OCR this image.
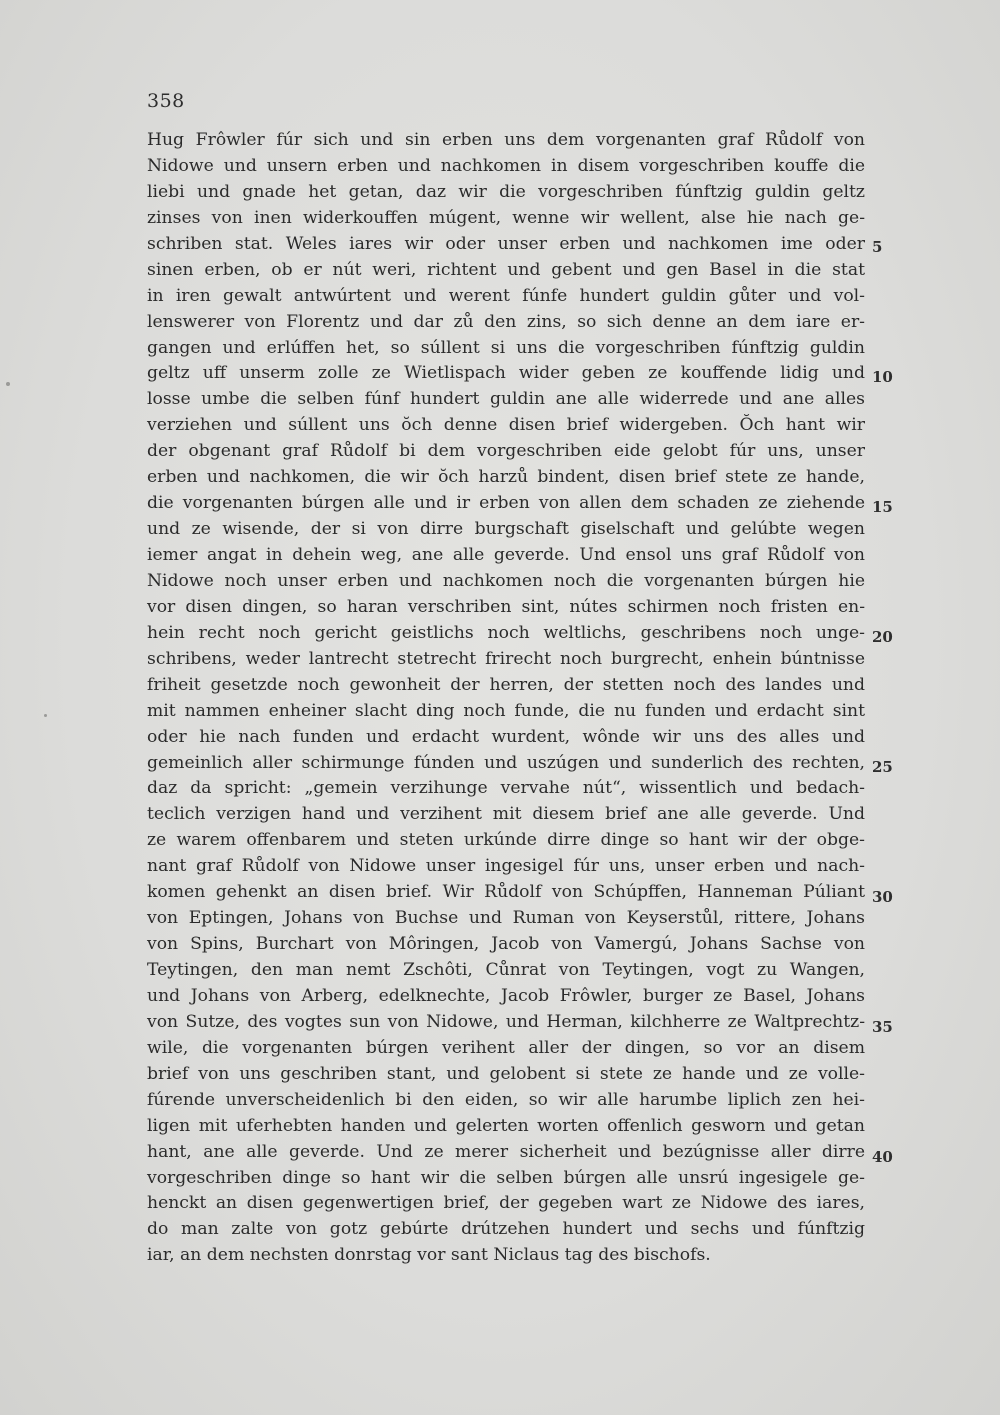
358
Hug Frôwler fúr sich und sin erben uns dem vorgenanten graf Růdolf von
Nidowe und unsern erben und nachkomen in disem vorgeschriben kouffe die
liebi und gnade het getan, daz wir die vorgeschriben fúnftzig guldin geltz
zinses von inen widerkouffen múgent, wenne wir wellent, alse hie nach ge-
schriben stat. Weles iares wir oder unser erben und nachkomen ime oder
sinen erben, ob er nút weri, richtent und gebent und gen Basel in die stat
in iren gewalt antwúrtent und werent fúnfe hundert guldin gůter und vol-
lenswerer von Florentz und dar zů den zins, so sich denne an dem iare er-
gangen und erlúffen het, so súllent si uns die vorgeschriben fúnftzig guldin
geltz uff unserm zolle ze Wietlispach wider geben ze kouffende lidig und
losse umbe die selben fúnf hundert guldin ane alle widerrede und ane alles
verziehen und súllent uns ŏch denne disen brief widergeben. Ŏch hant wir
der obgenant graf Růdolf bi dem vorgeschriben eide gelobt fúr uns, unser
erben und nachkomen, die wir ŏch harzů bindent, disen brief stete ze hande,
die vorgenanten búrgen alle und ir erben von allen dem schaden ze ziehende
und ze wisende, der si von dirre burgschaft giselschaft und gelúbte wegen
iemer angat in dehein weg, ane alle geverde. Und ensol uns graf Růdolf von
Nidowe noch unser erben und nachkomen noch die vorgenanten búrgen hie
vor disen dingen, so haran verschriben sint, nútes schirmen noch fristen en-
hein recht noch gericht geistlichs noch weltlichs, geschribens noch unge-
schribens, weder lantrecht stetrecht frirecht noch burgrecht, enhein búntnisse
friheit gesetzde noch gewonheit der herren, der stetten noch des landes und
mit nammen enheiner slacht ding noch funde, die nu funden und erdacht sint
oder hie nach funden und erdacht wurdent, wônde wir uns des alles und
gemeinlich aller schirmunge fúnden und uszúgen und sunderlich des rechten,
daz da spricht: „gemein verzihunge vervahe nút“, wissentlich und bedach-
teclich verzigen hand und verzihent mit diesem brief ane alle geverde. Und
ze warem offenbarem und steten urkúnde dirre dinge so hant wir der obge-
nant graf Růdolf von Nidowe unser ingesigel fúr uns, unser erben und nach-
komen gehenkt an disen brief. Wir Růdolf von Schúpffen, Hanneman Púliant
von Eptingen, Johans von Buchse und Ruman von Keyserstůl, rittere, Johans
von Spins, Burchart von Môringen, Jacob von Vamergú, Johans Sachse von
Teytingen, den man nemt Zschôti, Cůnrat von Teytingen, vogt zu Wangen,
und Johans von Arberg, edelknechte, Jacob Frôwler, burger ze Basel, Johans
von Sutze, des vogtes sun von Nidowe, und Herman, kilchherre ze Waltprechtz-
wile, die vorgenanten búrgen verihent aller der dingen, so vor an disem
brief von uns geschriben stant, und gelobent si stete ze hande und ze volle-
fúrende unverscheidenlich bi den eiden, so wir alle harumbe liplich zen hei-
ligen mit uferhebten handen und gelerten worten offenlich gesworn und getan
hant, ane alle geverde. Und ze merer sicherheit und bezúgnisse aller dirre
vorgeschriben dinge so hant wir die selben búrgen alle unsrú ingesigele ge-
henckt an disen gegenwertigen brief, der gegeben wart ze Nidowe des iares,
do man zalte von gotz gebúrte drútzehen hundert und sechs und fúnftzig
iar, an dem nechsten donrstag vor sant Niclaus tag des bischofs.
5
10
15
20
25
30
35
40
